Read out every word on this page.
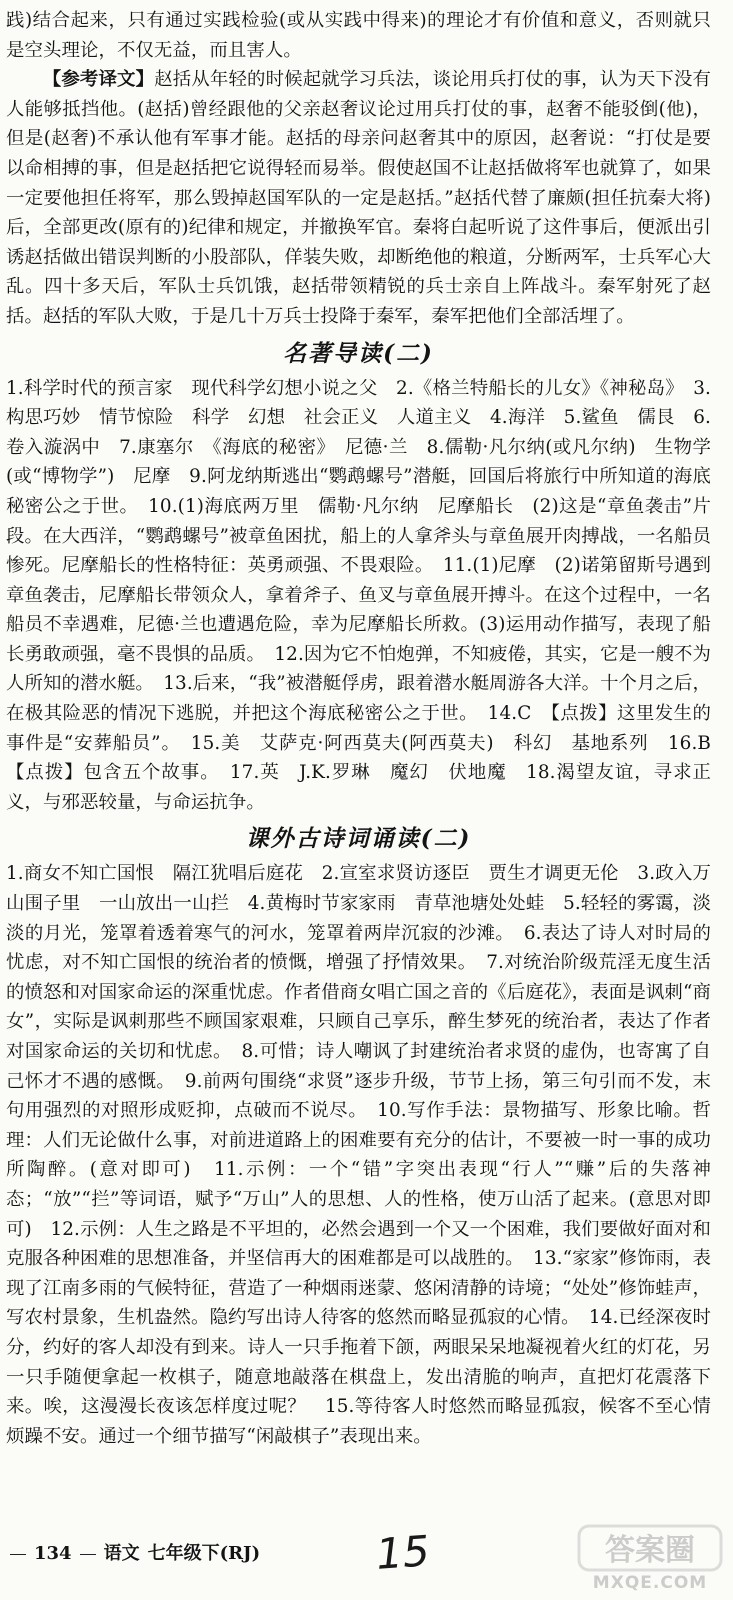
践)结合起来，只有通过实践检验(或从实践中得来)的理论才有价值和意义，否则就只是空头理论，不仅无益，而且害人。

【参考译文】赵括从年轻的时候起就学习兵法，谈论用兵打仗的事，认为天下没有人能够抵挡他。(赵括)曾经跟他的父亲赵奢议论过用兵打仗的事，赵奢不能驳倒(他)，但是(赵奢)不承认他有军事才能。赵括的母亲问赵奢其中的原因，赵奢说：“打仗是要以命相搏的事，但是赵括把它说得轻而易举。假使赵国不让赵括做将军也就算了，如果一定要他担任将军，那么毁掉赵国军队的一定是赵括。”赵括代替了廉颇(担任抗秦大将)后，全部更改(原有的)纪律和规定，并撤换军官。秦将白起听说了这件事后，便派出引诱赵括做出错误判断的小股部队，佯装失败，却断绝他的粮道，分断两军，士兵军心大乱。四十多天后，军队士兵饥饿，赵括带领精锐的兵士亲自上阵战斗。秦军射死了赵括。赵括的军队大败，于是几十万兵士投降于秦军，秦军把他们全部活埋了。

名著导读(二)

1.科学时代的预言家　现代科学幻想小说之父　2.《格兰特船长的儿女》《神秘岛》　3.构思巧妙　情节惊险　科学　幻想　社会正义　人道主义　4.海洋　5.鲨鱼　儒艮　6.卷入漩涡中　7.康塞尔　《海底的秘密》　尼德·兰　8.儒勒·凡尔纳(或凡尔纳)　生物学(或“博物学”)　尼摩　9.阿龙纳斯逃出“鹦鹉螺号”潜艇，回国后将旅行中所知道的海底秘密公之于世。　10.(1)海底两万里　儒勒·凡尔纳　尼摩船长　(2)这是“章鱼袭击”片段。在大西洋，“鹦鹉螺号”被章鱼困扰，船上的人拿斧头与章鱼展开肉搏战，一名船员惨死。尼摩船长的性格特征：英勇顽强、不畏艰险。　11.(1)尼摩　(2)诺第留斯号遇到章鱼袭击，尼摩船长带领众人，拿着斧子、鱼叉与章鱼展开搏斗。在这个过程中，一名船员不幸遇难，尼德·兰也遭遇危险，幸为尼摩船长所救。(3)运用动作描写，表现了船长勇敢顽强，毫不畏惧的品质。　12.因为它不怕炮弹，不知疲倦，其实，它是一艘不为人所知的潜水艇。　13.后来，“我”被潜艇俘虏，跟着潜水艇周游各大洋。十个月之后，在极其险恶的情况下逃脱，并把这个海底秘密公之于世。　14.C　【点拨】这里发生的事件是“安葬船员”。　15.美　艾萨克·阿西莫夫(阿西莫夫)　科幻　基地系列　16.B　【点拨】包含五个故事。　17.英　J.K.罗琳　魔幻　伏地魔　18.渴望友谊，寻求正义，与邪恶较量，与命运抗争。

课外古诗词诵读(二)

1.商女不知亡国恨　隔江犹唱后庭花　2.宣室求贤访逐臣　贾生才调更无伦　3.政入万山围子里　一山放出一山拦　4.黄梅时节家家雨　青草池塘处处蛙　5.轻轻的雾霭，淡淡的月光，笼罩着透着寒气的河水，笼罩着两岸沉寂的沙滩。　6.表达了诗人对时局的忧虑，对不知亡国恨的统治者的愤慨，增强了抒情效果。　7.对统治阶级荒淫无度生活的愤怒和对国家命运的深重忧虑。作者借商女唱亡国之音的《后庭花》，表面是讽刺“商女”，实际是讽刺那些不顾国家艰难，只顾自己享乐，醉生梦死的统治者，表达了作者对国家命运的关切和忧虑。　8.可惜；诗人嘲讽了封建统治者求贤的虚伪，也寄寓了自己怀才不遇的感慨。　9.前两句围绕“求贤”逐步升级，节节上扬，第三句引而不发，末句用强烈的对照形成贬抑，点破而不说尽。　10.写作手法：景物描写、形象比喻。哲理：人们无论做什么事，对前进道路上的困难要有充分的估计，不要被一时一事的成功所陶醉。(意对即可)　11.示例：一个“错”字突出表现“行人”“赚”后的失落神态；“放”“拦”等词语，赋予“万山”人的思想、人的性格，使万山活了起来。(意思对即可)　12.示例：人生之路是不平坦的，必然会遇到一个又一个困难，我们要做好面对和克服各种困难的思想准备，并坚信再大的困难都是可以战胜的。　13.“家家”修饰雨，表现了江南多雨的气候特征，营造了一种烟雨迷蒙、悠闲清静的诗境；“处处”修饰蛙声，写农村景象，生机盎然。隐约写出诗人待客的悠然而略显孤寂的心情。　14.已经深夜时分，约好的客人却没有到来。诗人一只手拖着下颌，两眼呆呆地凝视着火红的灯花，另一只手随便拿起一枚棋子，随意地敲落在棋盘上，发出清脆的响声，直把灯花震落下来。唉，这漫漫长夜该怎样度过呢？　15.等待客人时悠然而略显孤寂，候客不至心情烦躁不安。通过一个细节描写“闲敲棋子”表现出来。

134 语文 七年级下(RJ)	15	答案圈
MXQE.COM
